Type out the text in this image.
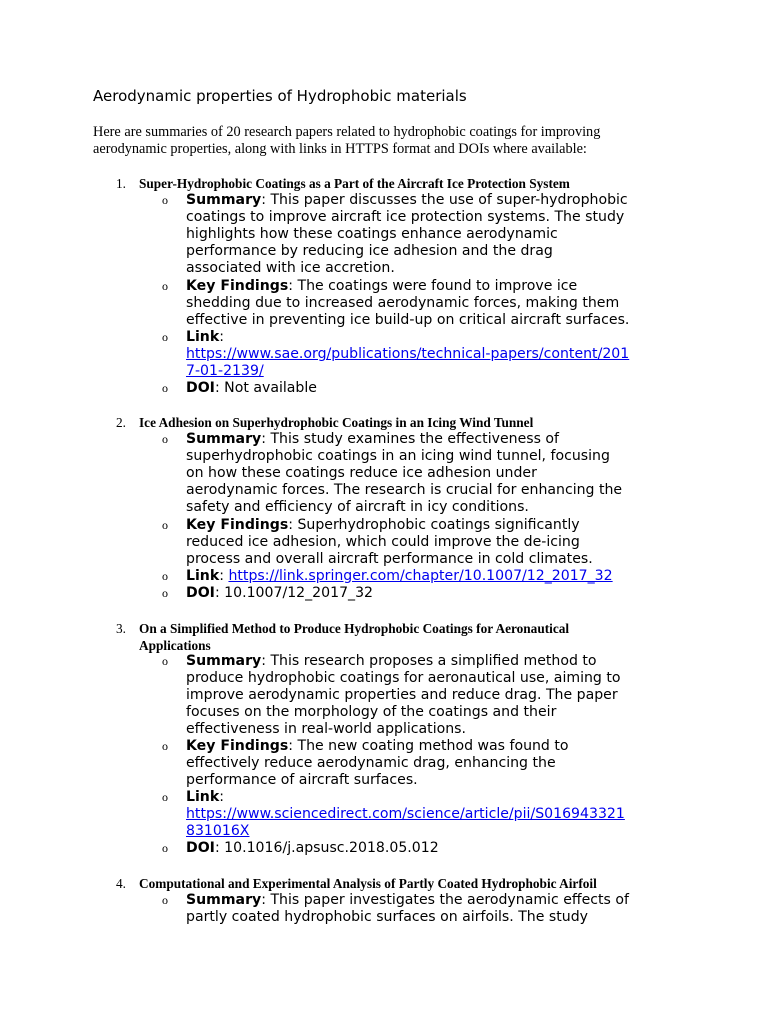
Aerodynamic properties of Hydrophobic materials
Here are summaries of 20 research papers related to hydrophobic coatings for improving
aerodynamic properties, along with links in HTTPS format and DOIs where available:
1. Super-Hydrophobic Coatings as a Part of the Aircraft Ice Protection System
o Summary: This paper discusses the use of super-hydrophobic
coatings to improve aircraft ice protection systems. The study
highlights how these coatings enhance aerodynamic
performance by reducing ice adhesion and the drag
associated with ice accretion.
o Key Findings: The coatings were found to improve ice
shedding due to increased aerodynamic forces, making them
effective in preventing ice build-up on critical aircraft surfaces.
o Link:
https://www.sae.org/publications/technical-papers/content/201
7-01-2139/
o DOI: Not available
2. Ice Adhesion on Superhydrophobic Coatings in an Icing Wind Tunnel
o Summary: This study examines the effectiveness of
superhydrophobic coatings in an icing wind tunnel, focusing
on how these coatings reduce ice adhesion under
aerodynamic forces. The research is crucial for enhancing the
safety and efficiency of aircraft in icy conditions.
o Key Findings: Superhydrophobic coatings significantly
reduced ice adhesion, which could improve the de-icing
process and overall aircraft performance in cold climates.
o Link: https://link.springer.com/chapter/10.1007/12_2017_32
o DOI: 10.1007/12_2017_32
3. On a Simplified Method to Produce Hydrophobic Coatings for Aeronautical
Applications
o Summary: This research proposes a simplified method to
produce hydrophobic coatings for aeronautical use, aiming to
improve aerodynamic properties and reduce drag. The paper
focuses on the morphology of the coatings and their
effectiveness in real-world applications.
o Key Findings: The new coating method was found to
effectively reduce aerodynamic drag, enhancing the
performance of aircraft surfaces.
o Link:
https://www.sciencedirect.com/science/article/pii/S016943321
831016X
o DOI: 10.1016/j.apsusc.2018.05.012
4. Computational and Experimental Analysis of Partly Coated Hydrophobic Airfoil
o Summary: This paper investigates the aerodynamic effects of
partly coated hydrophobic surfaces on airfoils. The study
